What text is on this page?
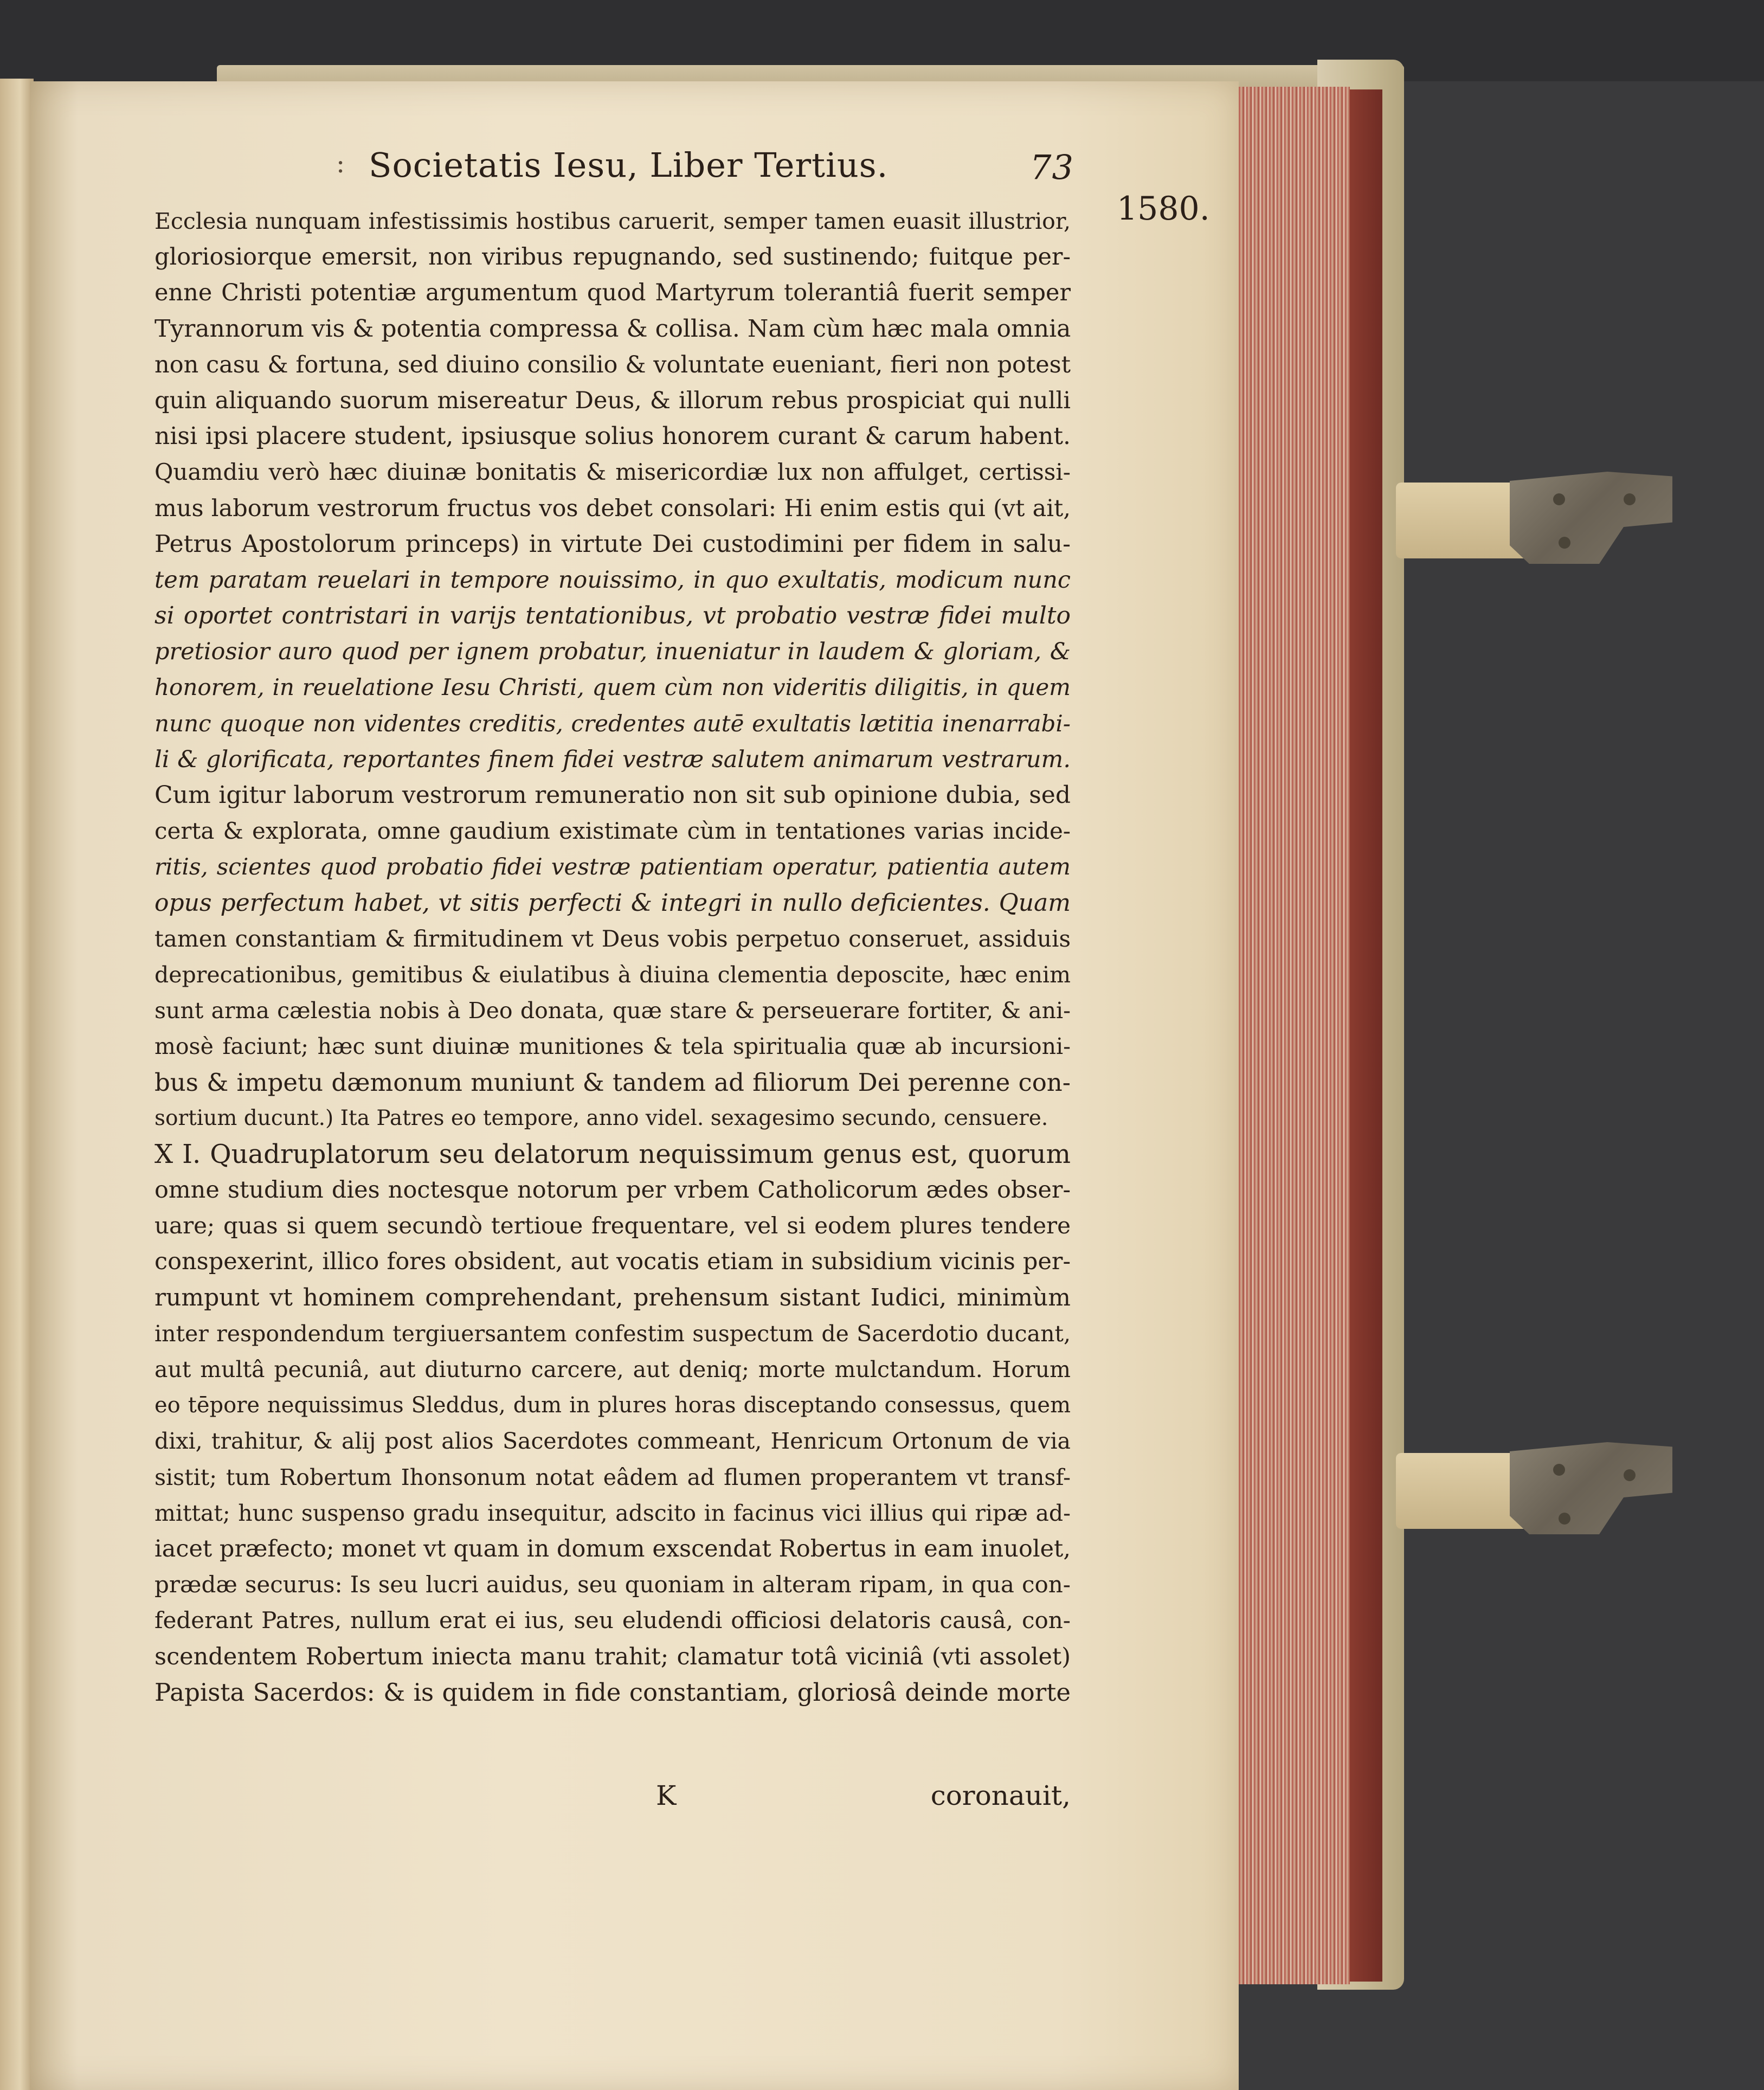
: Societatis Iesu, Liber Tertius.	73
1580.
Ecclesia nunquam infestissimis hostibus caruerit, semper tamen euasit illustrior,
gloriosiorque emersit, non viribus repugnando, sed sustinendo; fuitque per-
enne Christi potentiæ argumentum quod Martyrum tolerantiâ fuerit semper
Tyrannorum vis & potentia compressa & collisa. Nam cùm hæc mala omnia
non casu & fortuna, sed diuino consilio & voluntate eueniant, fieri non potest
quin aliquando suorum misereatur Deus, & illorum rebus prospiciat qui nulli
nisi ipsi placere student, ipsiusque solius honorem curant & carum habent.
Quamdiu verò hæc diuinæ bonitatis & misericordiæ lux non affulget, certissi-
mus laborum vestrorum fructus vos debet consolari: Hi enim estis qui (vt ait,
Petrus Apostolorum princeps) in virtute Dei custodimini per fidem in salu-
tem paratam reuelari in tempore nouissimo, in quo exultatis, modicum nunc
si oportet contristari in varijs tentationibus, vt probatio vestræ fidei multo
pretiosior auro quod per ignem probatur, inueniatur in laudem & gloriam, &
honorem, in reuelatione Iesu Christi, quem cùm non videritis diligitis, in quem
nunc quoque non videntes creditis, credentes autē exultatis lætitia inenarrabi-
li & glorificata, reportantes finem fidei vestræ salutem animarum vestrarum.
Cum igitur laborum vestrorum remuneratio non sit sub opinione dubia, sed
certa & explorata, omne gaudium existimate cùm in tentationes varias incide-
ritis, scientes quod probatio fidei vestræ patientiam operatur, patientia autem
opus perfectum habet, vt sitis perfecti & integri in nullo deficientes. Quam
tamen constantiam & firmitudinem vt Deus vobis perpetuo conseruet, assiduis
deprecationibus, gemitibus & eiulatibus à diuina clementia deposcite, hæc enim
sunt arma cælestia nobis à Deo donata, quæ stare & perseuerare fortiter, & ani-
mosè faciunt; hæc sunt diuinæ munitiones & tela spiritualia quæ ab incursioni-
bus & impetu dæmonum muniunt & tandem ad filiorum Dei perenne con-
sortium ducunt.) Ita Patres eo tempore, anno videl. sexagesimo secundo, censuere.
X I. Quadruplatorum seu delatorum nequissimum genus est, quorum
omne studium dies noctesque notorum per vrbem Catholicorum ædes obser-
uare; quas si quem secundò tertioue frequentare, vel si eodem plures tendere
conspexerint, illico fores obsident, aut vocatis etiam in subsidium vicinis per-
rumpunt vt hominem comprehendant, prehensum sistant Iudici, minimùm
inter respondendum tergiuersantem confestim suspectum de Sacerdotio ducant,
aut multâ pecuniâ, aut diuturno carcere, aut deniq; morte mulctandum. Horum
eo tēpore nequissimus Sleddus, dum in plures horas disceptando consessus, quem
dixi, trahitur, & alij post alios Sacerdotes commeant, Henricum Ortonum de via
sistit; tum Robertum Ihonsonum notat eâdem ad flumen properantem vt transf-
mittat; hunc suspenso gradu insequitur, adscito in facinus vici illius qui ripæ ad-
iacet præfecto; monet vt quam in domum exscendat Robertus in eam inuolet,
prædæ securus: Is seu lucri auidus, seu quoniam in alteram ripam, in qua con-
federant Patres, nullum erat ei ius, seu eludendi officiosi delatoris causâ, con-
scendentem Robertum iniecta manu trahit; clamatur totâ viciniâ (vti assolet)
Papista Sacerdos: & is quidem in fide constantiam, gloriosâ deinde morte
K	coronauit,
